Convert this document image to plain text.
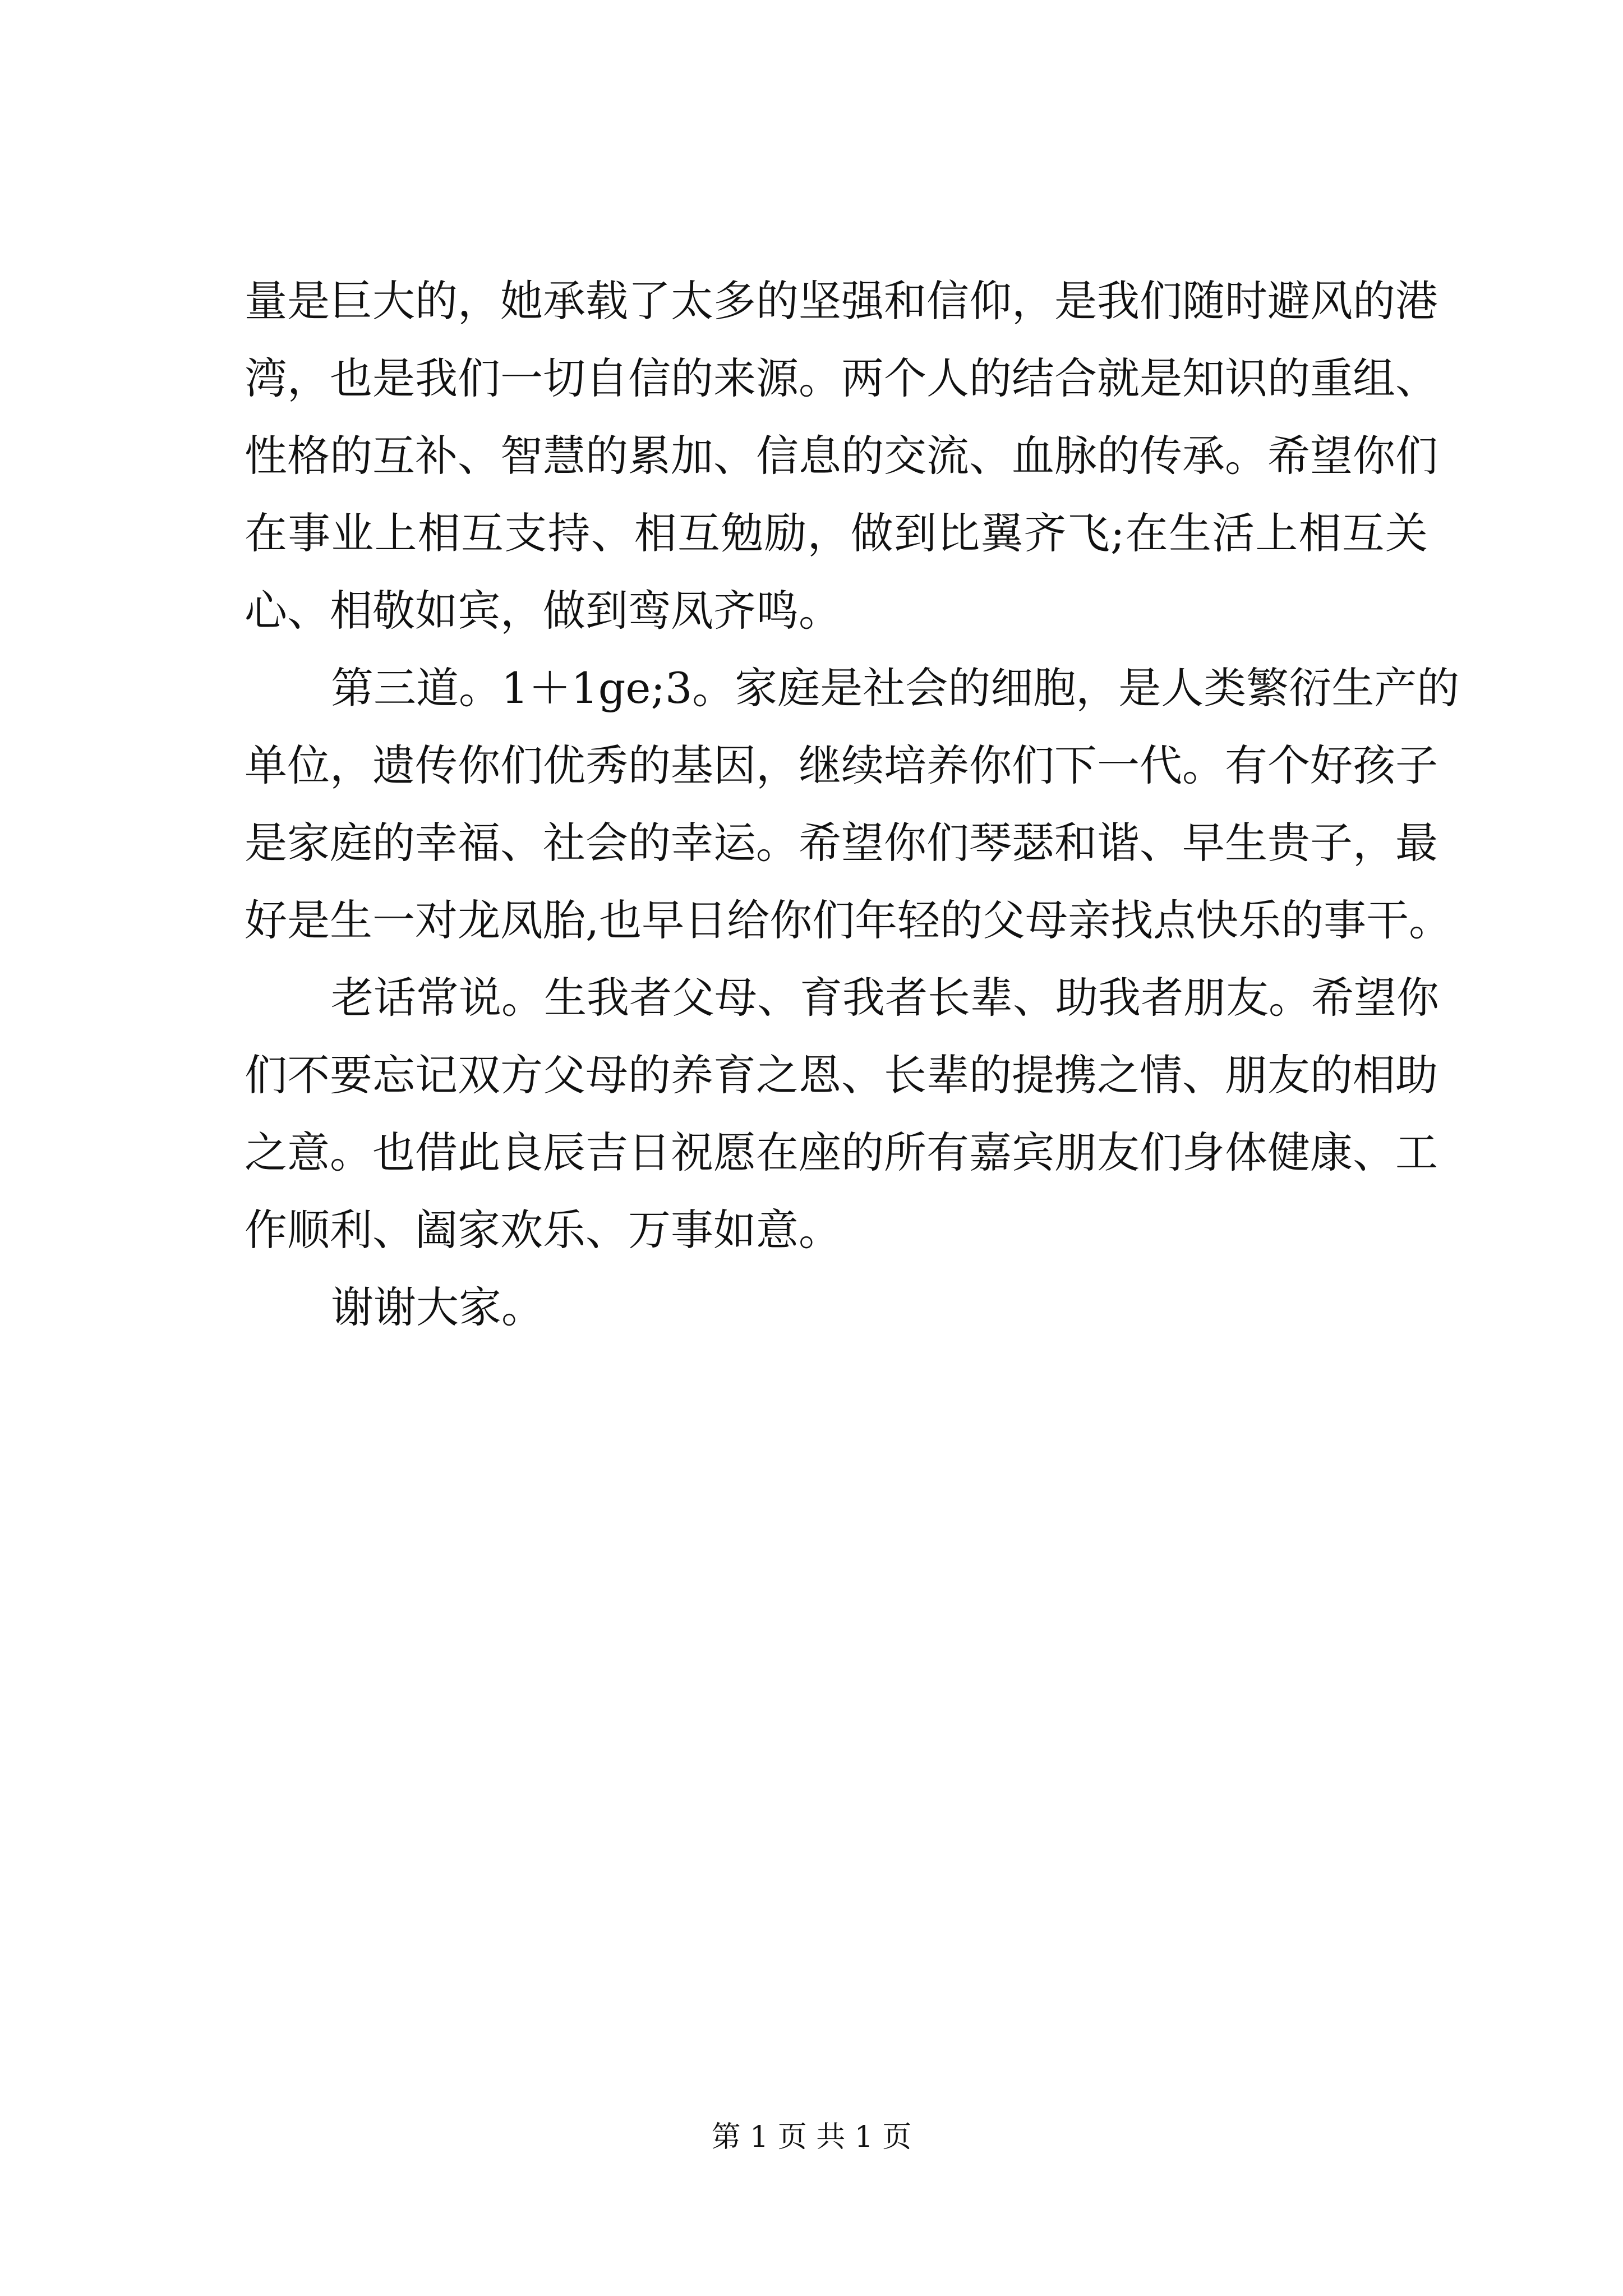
量是巨大的，她承载了太多的坚强和信仰，是我们随时避风的港
湾，也是我们一切自信的来源。两个人的结合就是知识的重组、
性格的互补、智慧的累加、信息的交流、血脉的传承。希望你们
在事业上相互支持、相互勉励，做到比翼齐飞;在生活上相互关
心、相敬如宾，做到鸾凤齐鸣。
第三道。1＋1ge;3。家庭是社会的细胞，是人类繁衍生产的
单位，遗传你们优秀的基因，继续培养你们下一代。有个好孩子
是家庭的幸福、社会的幸运。希望你们琴瑟和谐、早生贵子，最
好是生一对龙凤胎,也早日给你们年轻的父母亲找点快乐的事干。
老话常说。生我者父母、育我者长辈、助我者朋友。希望你
们不要忘记双方父母的养育之恩、长辈的提携之情、朋友的相助
之意。也借此良辰吉日祝愿在座的所有嘉宾朋友们身体健康、工
作顺利、阖家欢乐、万事如意。
谢谢大家。
第 1 页 共 1 页
